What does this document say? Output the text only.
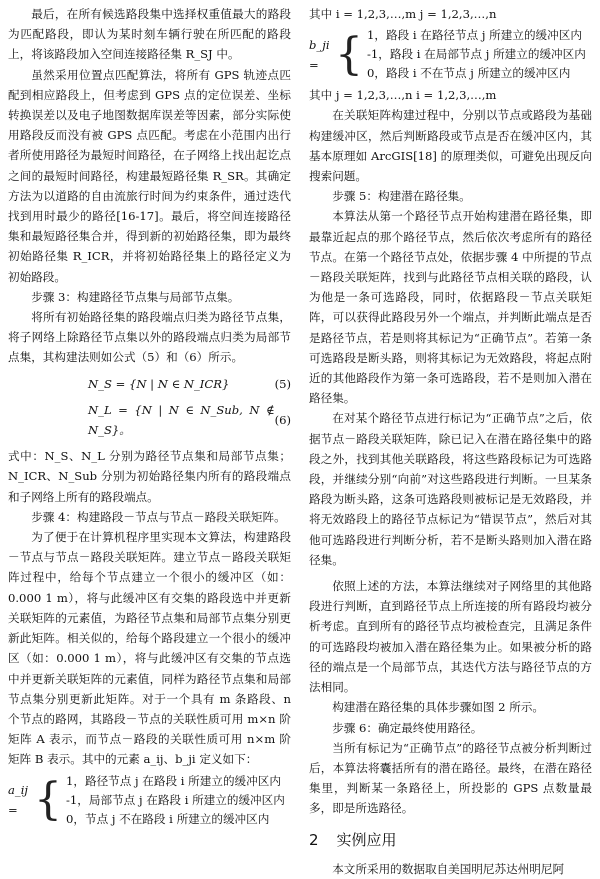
最后，在所有候选路段集中选择权重值最大的路段为匹配路段，即认为某时刻车辆行驶在所匹配的路段上，将该路段加入空间连接路径集 R_SJ 中。

虽然采用位置点匹配算法，将所有 GPS 轨迹点匹配到相应路段上，但考虑到 GPS 点的定位误差、坐标转换误差以及电子地图数据库误差等因素，部分实际使用路段反而没有被 GPS 点匹配。考虑在小范围内出行者所使用路径为最短时间路径，在子网络上找出起讫点之间的最短时间路径，构建最短路径集 R_SR。其确定方法为以道路的自由流旅行时间为约束条件，通过迭代找到用时最少的路径[16-17]。最后，将空间连接路径集和最短路径集合并，得到新的初始路径集，即为最终初始路径集 R_ICR，并将初始路径集上的路径定义为初始路段。

步骤 3：构建路径节点集与局部节点集。

将所有初始路径集的路段端点归类为路径节点集，将子网络上除路径节点集以外的路段端点归类为局部节点集，其构建法则如公式（5）和（6）所示。

N_S = {N | N ∈ N_ICR}	(5)
N_L = {N | N ∈ N_Sub, N ∉ N_S}。
(6)

式中：N_S、N_L 分别为路径节点集和局部节点集；N_ICR、N_Sub 分别为初始路径集内所有的路段端点和子网络上所有的路段端点。

步骤 4：构建路段－节点与节点－路段关联矩阵。

为了便于在计算机程序里实现本文算法，构建路段－节点与节点－路段关联矩阵。建立节点－路段关联矩阵过程中，给每个节点建立一个很小的缓冲区（如：0.000 1 m），将与此缓冲区有交集的路段选中并更新关联矩阵的元素值，为路径节点集和局部节点集分别更新此矩阵。相关似的，给每个路段建立一个很小的缓冲区（如：0.000 1 m），将与此缓冲区有交集的节点选中并更新关联矩阵的元素值，同样为路径节点集和局部节点集分别更新此矩阵。对于一个具有 m 条路段、n 个节点的路网，其路段－节点的关联性质可用 m×n 阶矩阵 A 表示，而节点－路段的关联性质可用 n×m 阶矩阵 B 表示。其中的元素 a_ij、b_ji 定义如下：

a_ij = { 1，路径节点 j 在路段 i 所建立的缓冲区内
-1，局部节点 j 在路段 i 所建立的缓冲区内
0，节点 j 不在路段 i 所建立的缓冲区内

其中 i = 1,2,3,…,m j = 1,2,3,…,n

b_ji = { 1，路段 i 在路径节点 j 所建立的缓冲区内
-1，路段 i 在局部节点 j 所建立的缓冲区内
0，路段 i 不在节点 j 所建立的缓冲区内

其中 j = 1,2,3,…,n i = 1,2,3,…,m

在关联矩阵构建过程中，分别以节点或路段为基础构建缓冲区，然后判断路段或节点是否在缓冲区内，其基本原理如 ArcGIS[18] 的原理类似，可避免出现反向搜索问题。

步骤 5：构建潜在路径集。

本算法从第一个路径节点开始构建潜在路径集，即最靠近起点的那个路径节点，然后依次考虑所有的路径节点。在第一个路径节点处，依据步骤 4 中所提的节点－路段关联矩阵，找到与此路径节点相关联的路段，认为他是一条可选路段，同时，依据路段－节点关联矩阵，可以获得此路段另外一个端点，并判断此端点是否是路径节点，若是则将其标记为“正确节点”。若第一条可选路段是断头路，则将其标记为无效路段，将起点附近的其他路段作为第一条可选路段，若不是则加入潜在路径集。

在对某个路径节点进行标记为“正确节点”之后，依据节点－路段关联矩阵，除已记入在潜在路径集中的路段之外，找到其他关联路段，将这些路段标记为可选路段，并继续分别“向前”对这些路段进行判断。一旦某条路段为断头路，这条可选路段则被标记是无效路段，并将无效路段上的路径节点标记为“错误节点”，然后对其他可选路段进行判断分析，若不是断头路则加入潜在路径集。

依照上述的方法，本算法继续对子网络里的其他路段进行判断，直到路径节点上所连接的所有路段均被分析考虑。直到所有的路径节点均被检查完，且满足条件的可选路段均被加入潜在路径集为止。如果被分析的路径的端点是一个局部节点，其迭代方法与路径节点的方法相同。

构建潜在路径集的具体步骤如图 2 所示。

步骤 6：确定最终使用路径。

当所有标记为“正确节点”的路径节点被分析判断过后，本算法将囊括所有的潜在路径。最终，在潜在路径集里，判断某一条路径上，所投影的 GPS 点数量最多，即是所选路径。

2 实例应用

本文所采用的数据取自美国明尼苏达州明尼阿
